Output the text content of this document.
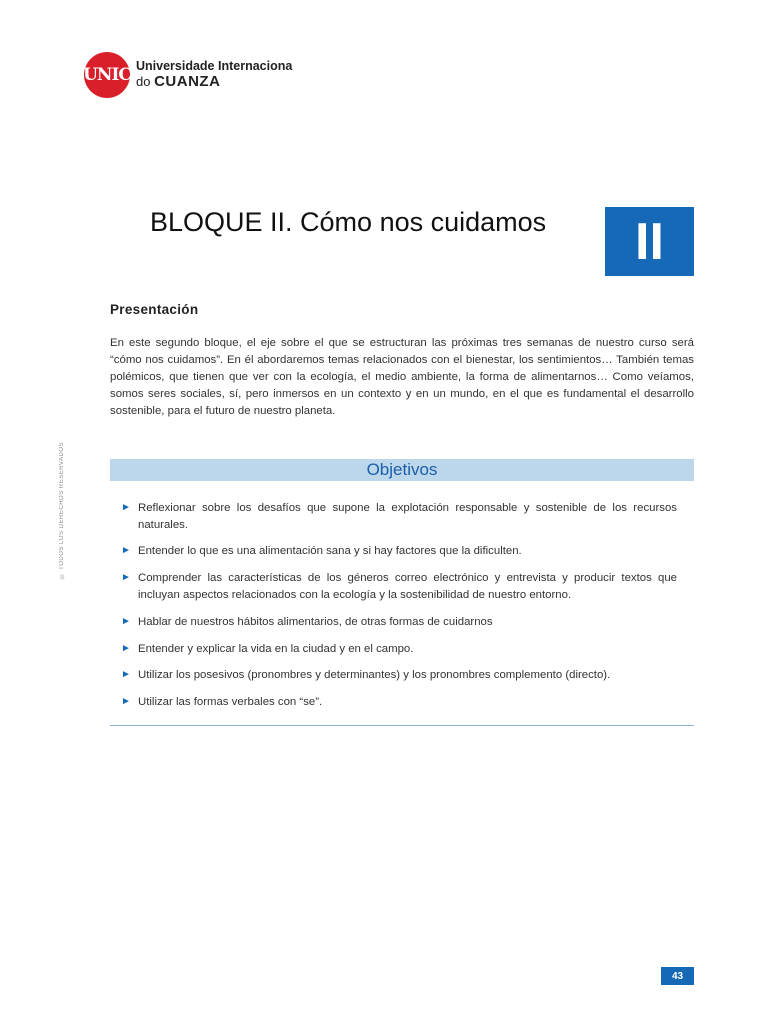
UNIC Universidade Internaciona
do CUANZA
© TODOS LOS DERECHOS RESERVADOS
BLOQUE II. Cómo nos cuidamos	II
Presentación

En este segundo bloque, el eje sobre el que se estructuran las próximas tres semanas de nuestro curso será “cómo nos cuidamos”. En él abordaremos temas relacionados con el bienestar, los sentimientos… También temas polémicos, que tienen que ver con la ecología, el medio ambiente, la forma de alimentarnos… Como veíamos, somos seres sociales, sí, pero inmersos en un contexto y en un mundo, en el que es fundamental el desarrollo sostenible, para el futuro de nuestro planeta.

Objetivos
► Reflexionar sobre los desafíos que supone la explotación responsable y sostenible de los recursos naturales.
► Entender lo que es una alimentación sana y si hay factores que la dificulten.
► Comprender las características de los géneros correo electrónico y entrevista y producir textos que incluyan aspectos relacionados con la ecología y la sostenibilidad de nuestro entorno.
► Hablar de nuestros hábitos alimentarios, de otras formas de cuidarnos
► Entender y explicar la vida en la ciudad y en el campo.
► Utilizar los posesivos (pronombres y determinantes) y los pronombres complemento (directo).
► Utilizar las formas verbales con “se”.
43
